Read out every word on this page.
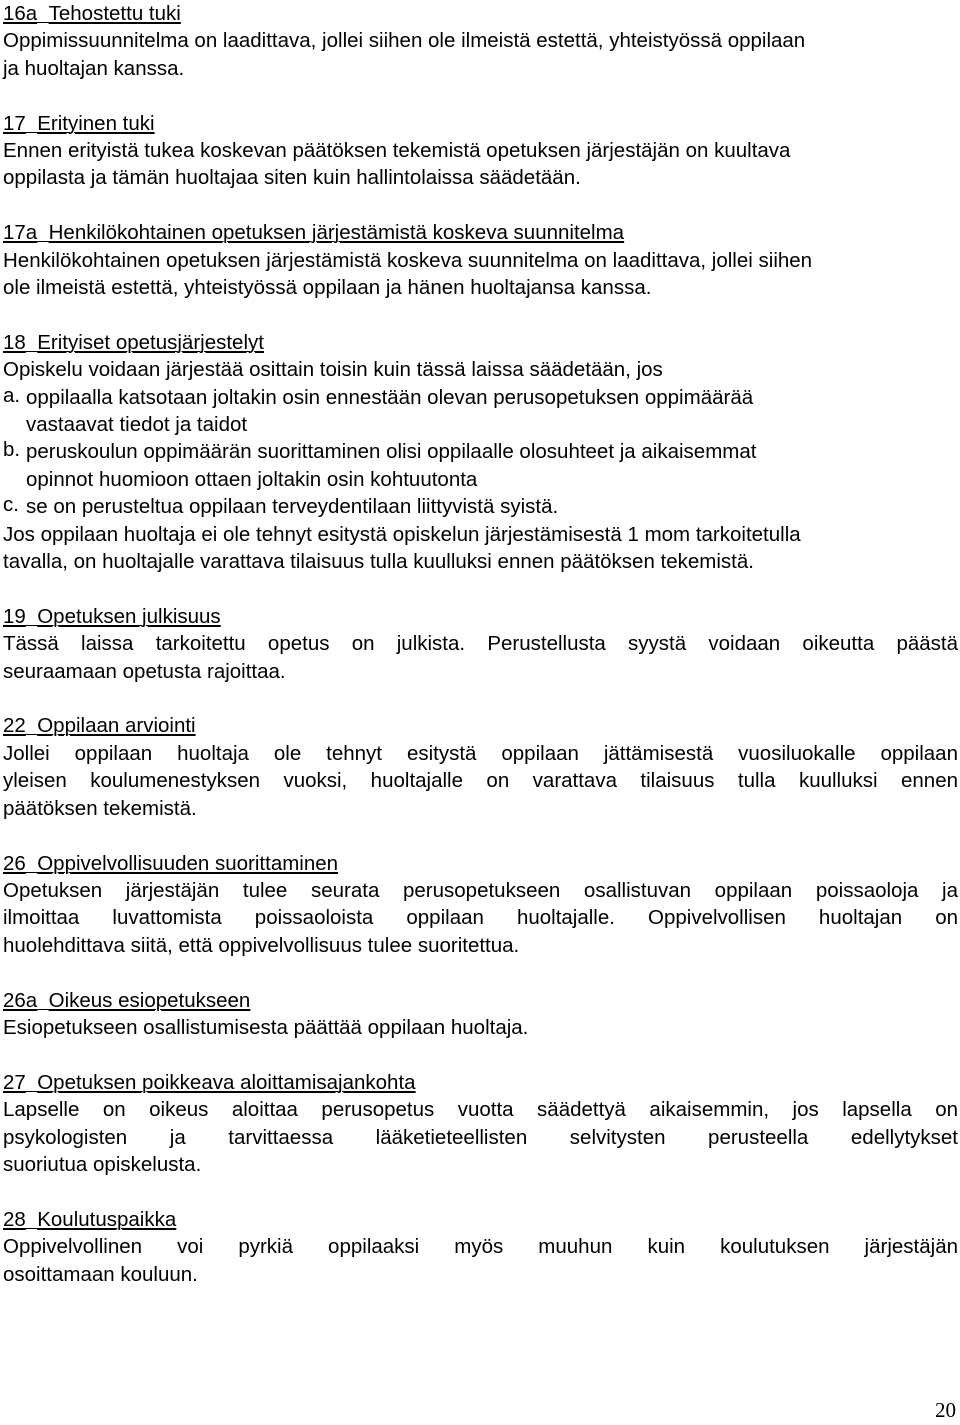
16a Tehostettu tuki
Oppimissuunnitelma on laadittava, jollei siihen ole ilmeistä estettä, yhteistyössä oppilaan
ja huoltajan kanssa.
17 Erityinen tuki
Ennen erityistä tukea koskevan päätöksen tekemistä opetuksen järjestäjän on kuultava
oppilasta ja tämän huoltajaa siten kuin hallintolaissa säädetään.
17a Henkilökohtainen opetuksen järjestämistä koskeva suunnitelma
Henkilökohtainen opetuksen järjestämistä koskeva suunnitelma on laadittava, jollei siihen
ole ilmeistä estettä, yhteistyössä oppilaan ja hänen huoltajansa kanssa.
18 Erityiset opetusjärjestelyt
Opiskelu voidaan järjestää osittain toisin kuin tässä laissa säädetään, jos
a. oppilaalla katsotaan joltakin osin ennestään olevan perusopetuksen oppimäärää
vastaavat tiedot ja taidot
b. peruskoulun oppimäärän suorittaminen olisi oppilaalle olosuhteet ja aikaisemmat
opinnot huomioon ottaen joltakin osin kohtuutonta
c. se on perusteltua oppilaan terveydentilaan liittyvistä syistä.
Jos oppilaan huoltaja ei ole tehnyt esitystä opiskelun järjestämisestä 1 mom tarkoitetulla
tavalla, on huoltajalle varattava tilaisuus tulla kuulluksi ennen päätöksen tekemistä.
19 Opetuksen julkisuus
Tässä laissa tarkoitettu opetus on julkista. Perustellusta syystä voidaan oikeutta päästä
seuraamaan opetusta rajoittaa.
22 Oppilaan arviointi
Jollei oppilaan huoltaja ole tehnyt esitystä oppilaan jättämisestä vuosiluokalle oppilaan
yleisen koulumenestyksen vuoksi, huoltajalle on varattava tilaisuus tulla kuulluksi ennen
päätöksen tekemistä.
26 Oppivelvollisuuden suorittaminen
Opetuksen järjestäjän tulee seurata perusopetukseen osallistuvan oppilaan poissaoloja ja
ilmoittaa luvattomista poissaoloista oppilaan huoltajalle. Oppivelvollisen huoltajan on
huolehdittava siitä, että oppivelvollisuus tulee suoritettua.
26a Oikeus esiopetukseen
Esiopetukseen osallistumisesta päättää oppilaan huoltaja.
27 Opetuksen poikkeava aloittamisajankohta
Lapselle on oikeus aloittaa perusopetus vuotta säädettyä aikaisemmin, jos lapsella on
psykologisten ja tarvittaessa lääketieteellisten selvitysten perusteella edellytykset
suoriutua opiskelusta.
28 Koulutuspaikka
Oppivelvollinen voi pyrkiä oppilaaksi myös muuhun kuin koulutuksen järjestäjän
osoittamaan kouluun.
20
